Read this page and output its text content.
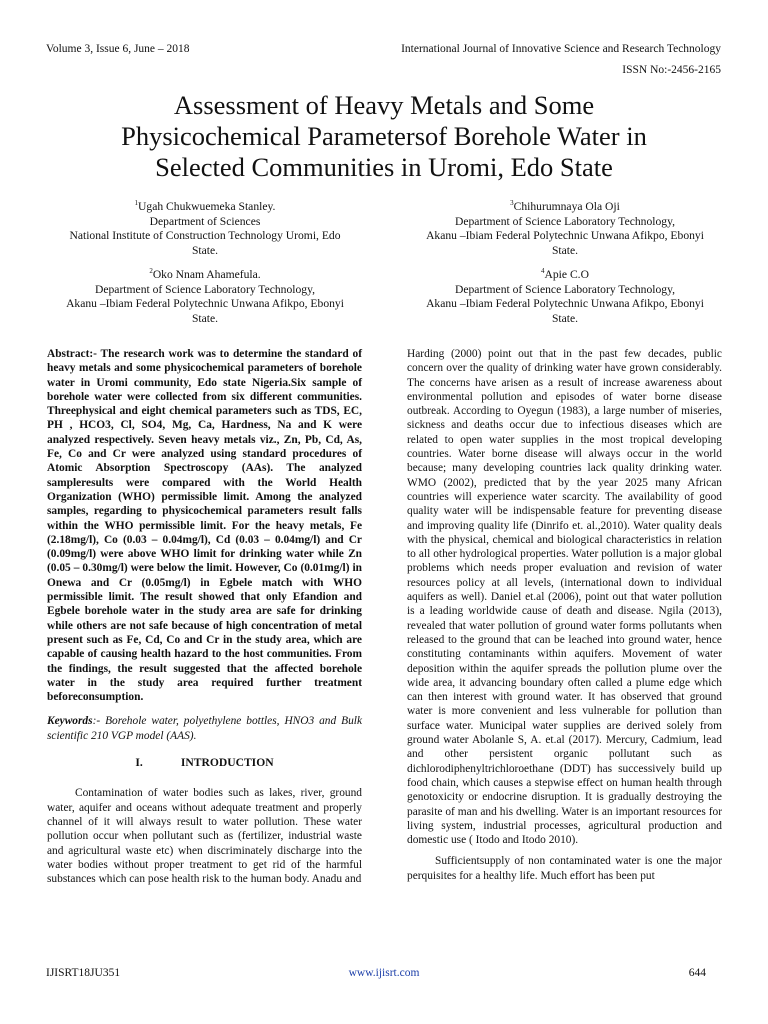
Volume 3, Issue 6, June – 2018	International Journal of Innovative Science and Research Technology
ISSN No:-2456-2165
Assessment of Heavy Metals and Some
Physicochemical Parametersof Borehole Water in
Selected Communities in Uromi, Edo State
$^1$Ugah Chukwuemeka Stanley.
Department of Sciences
National Institute of Construction Technology Uromi, Edo
State.
$^3$Chihurumnaya Ola Oji
Department of Science Laboratory Technology,
Akanu –Ibiam Federal Polytechnic Unwana Afikpo, Ebonyi
State.
$^2$Oko Nnam Ahamefula.
Department of Science Laboratory Technology,
Akanu –Ibiam Federal Polytechnic Unwana Afikpo, Ebonyi
State.
$^4$Apie C.O
Department of Science Laboratory Technology,
Akanu –Ibiam Federal Polytechnic Unwana Afikpo, Ebonyi
State.

Abstract:- The research work was to determine the standard of heavy metals and some physicochemical parameters of borehole water in Uromi community, Edo state Nigeria.Six sample of borehole water were collected from six different communities. Threephysical and eight chemical parameters such as TDS, EC, PH , HCO3, Cl, SO4, Mg, Ca, Hardness, Na and K were analyzed respectively. Seven heavy metals viz., Zn, Pb, Cd, As, Fe, Co and Cr were analyzed using standard procedures of Atomic Absorption Spectroscopy (AAs). The analyzed sampleresults were compared with the World Health Organization (WHO) permissible limit. Among the analyzed samples, regarding to physicochemical parameters result falls within the WHO permissible limit. For the heavy metals, Fe (2.18mg/l), Co (0.03 – 0.04mg/l), Cd (0.03 – 0.04mg/l) and Cr (0.09mg/l) were above WHO limit for drinking water while Zn (0.05 – 0.30mg/l) were below the limit. However, Co (0.01mg/l) in Onewa and Cr (0.05mg/l) in Egbele match with WHO permissible limit. The result showed that only Efandion and Egbele borehole water in the study area are safe for drinking while others are not safe because of high concentration of metal present such as Fe, Cd, Co and Cr in the study area, which are capable of causing health hazard to the host communities. From the findings, the result suggested that the affected borehole water in the study area required further treatment beforeconsumption.

Keywords:- Borehole water, polyethylene bottles, HNO3 and Bulk scientific 210 VGP model (AAS).

I.	INTRODUCTION

Contamination of water bodies such as lakes, river, ground water, aquifer and oceans without adequate treatment and properly channel of it will always result to water pollution. These water pollution occur when pollutant such as (fertilizer, industrial waste and agricultural waste etc) when discriminately discharge into the water bodies without proper treatment to get rid of the harmful substances which can pose health risk to the human body. Anadu and

Harding (2000) point out that in the past few decades, public concern over the quality of drinking water have grown considerably. The concerns have arisen as a result of increase awareness about environmental pollution and episodes of water borne disease outbreak. According to Oyegun (1983), a large number of miseries, sickness and deaths occur due to infectious diseases which are related to open water supplies in the most tropical developing countries. Water borne disease will always occur in the world because; many developing countries lack quality drinking water. WMO (2002), predicted that by the year 2025 many African countries will experience water scarcity. The availability of good quality water will be indispensable feature for preventing disease and improving quality life (Dinrifo et. al.,2010). Water quality deals with the physical, chemical and biological characteristics in relation to all other hydrological properties. Water pollution is a major global problems which needs proper evaluation and revision of water resources policy at all levels, (international down to individual aquifers as well). Daniel et.al (2006), point out that water pollution is a leading worldwide cause of death and disease. Ngila (2013), revealed that water pollution of ground water forms pollutants when released to the ground that can be leached into ground water, hence constituting contaminants within aquifers. Movement of water deposition within the aquifer spreads the pollution plume over the wide area, it advancing boundary often called a plume edge which can then interest with ground water. It has observed that ground water is more convenient and less vulnerable for pollution than surface water. Municipal water supplies are derived solely from ground water Abolanle S, A. et.al (2017). Mercury, Cadmium, lead and other persistent organic pollutant such as dichlorodiphenyltrichloroethane (DDT) has successively build up food chain, which causes a stepwise effect on human health through genotoxicity or endocrine disruption. It is gradually destroying the parasite of man and his dwelling. Water is an important resources for living system, industrial processes, agricultural production and domestic use ( Itodo and Itodo 2010).

Sufficientsupply of non contaminated water is one the major perquisites for a healthy life. Much effort has been put

IJISRT18JU351	www.ijisrt.com	644
